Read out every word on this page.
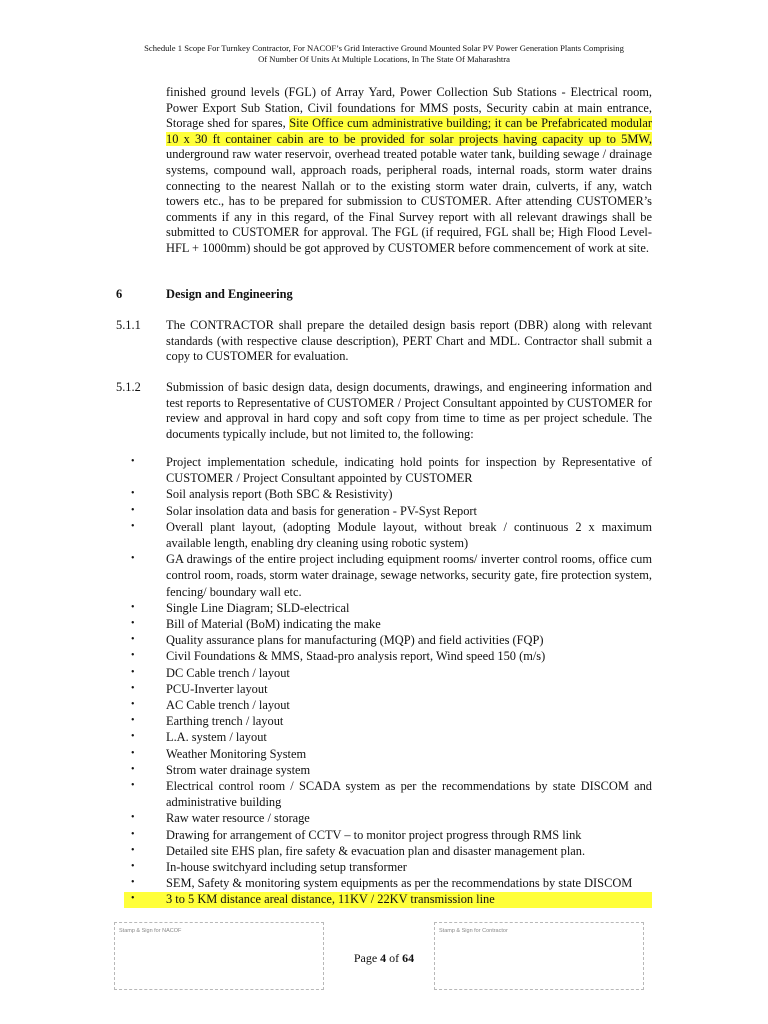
Schedule 1 Scope For Turnkey Contractor, For NACOF’s Grid Interactive Ground Mounted Solar PV Power Generation Plants Comprising
Of Number Of Units At Multiple Locations, In The State Of Maharashtra
finished ground levels (FGL) of Array Yard, Power Collection Sub Stations - Electrical room, Power Export Sub Station, Civil foundations for MMS posts, Security cabin at main entrance, Storage shed for spares, Site Office cum administrative building; it can be Prefabricated modular 10 x 30 ft container cabin are to be provided for solar projects having capacity up to 5MW, underground raw water reservoir, overhead treated potable water tank, building sewage / drainage systems, compound wall, approach roads, peripheral roads, internal roads, storm water drains connecting to the nearest Nallah or to the existing storm water drain, culverts, if any, watch towers etc., has to be prepared for submission to CUSTOMER. After attending CUSTOMER’s comments if any in this regard, of the Final Survey report with all relevant drawings shall be submitted to CUSTOMER for approval. The FGL (if required, FGL shall be; High Flood Level-HFL + 1000mm) should be got approved by CUSTOMER before commencement of work at site.
6	Design and Engineering
5.1.1 The CONTRACTOR shall prepare the detailed design basis report (DBR) along with relevant standards (with respective clause description), PERT Chart and MDL. Contractor shall submit a copy to CUSTOMER for evaluation.
5.1.2 Submission of basic design data, design documents, drawings, and engineering information and test reports to Representative of CUSTOMER / Project Consultant appointed by CUSTOMER for review and approval in hard copy and soft copy from time to time as per project schedule. The documents typically include, but not limited to, the following:
•	Project implementation schedule, indicating hold points for inspection by Representative of CUSTOMER / Project Consultant appointed by CUSTOMER
•	Soil analysis report (Both SBC & Resistivity)
•	Solar insolation data and basis for generation - PV-Syst Report
•	Overall plant layout, (adopting Module layout, without break / continuous 2 x maximum available length, enabling dry cleaning using robotic system)
•	GA drawings of the entire project including equipment rooms/ inverter control rooms, office cum control room, roads, storm water drainage, sewage networks, security gate, fire protection system, fencing/ boundary wall etc.
•	Single Line Diagram; SLD-electrical
•	Bill of Material (BoM) indicating the make
•	Quality assurance plans for manufacturing (MQP) and field activities (FQP)
•	Civil Foundations & MMS, Staad-pro analysis report, Wind speed 150 (m/s)
•	DC Cable trench / layout
•	PCU-Inverter layout
•	AC Cable trench / layout
•	Earthing trench / layout
•	L.A. system / layout
•	Weather Monitoring System
•	Strom water drainage system
•	Electrical control room / SCADA system as per the recommendations by state DISCOM and administrative building
•	Raw water resource / storage
•	Drawing for arrangement of CCTV – to monitor project progress through RMS link
•	Detailed site EHS plan, fire safety & evacuation plan and disaster management plan.
•	In-house switchyard including setup transformer
•	SEM, Safety & monitoring system equipments as per the recommendations by state DISCOM
•	3 to 5 KM distance areal distance, 11KV / 22KV transmission line
Stamp & Sign for NACOF	Stamp & Sign for Contractor
Page 4 of 64
